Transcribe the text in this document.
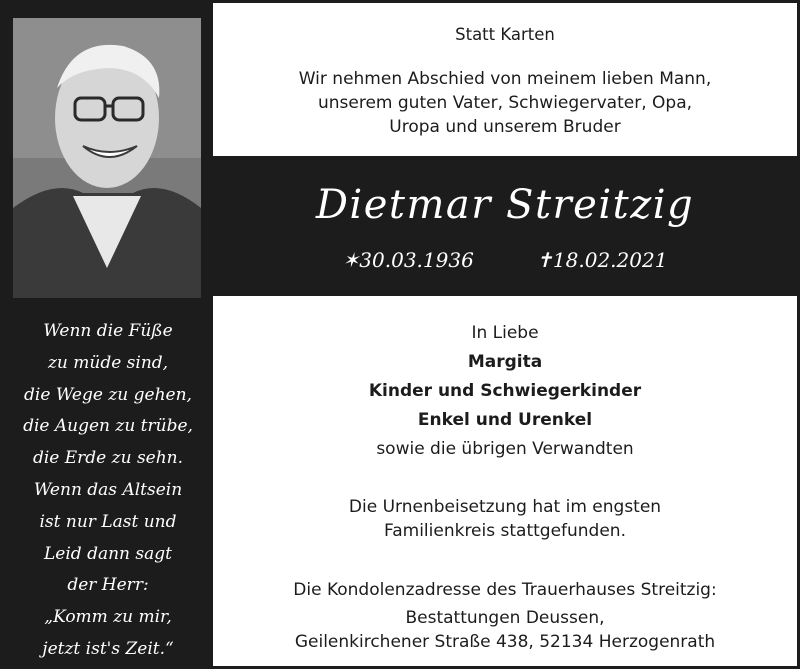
Wenn die Füße
zu müde sind,
die Wege zu gehen,
die Augen zu trübe,
die Erde zu sehn.
Wenn das Altsein
ist nur Last und
Leid dann sagt
der Herr:
„Komm zu mir,
jetzt ist's Zeit.“
Statt Karten
Wir nehmen Abschied von meinem lieben Mann,
unserem guten Vater, Schwiegervater, Opa,
Uropa und unserem Bruder
Dietmar Streitzig
✶30.03.1936	✝18.02.2021
In Liebe
Margita
Kinder und Schwiegerkinder
Enkel und Urenkel
sowie die übrigen Verwandten
Die Urnenbeisetzung hat im engsten
Familienkreis stattgefunden.
Die Kondolenzadresse des Trauerhauses Streitzig:
Bestattungen Deussen,
Geilenkirchener Straße 438, 52134 Herzogenrath
